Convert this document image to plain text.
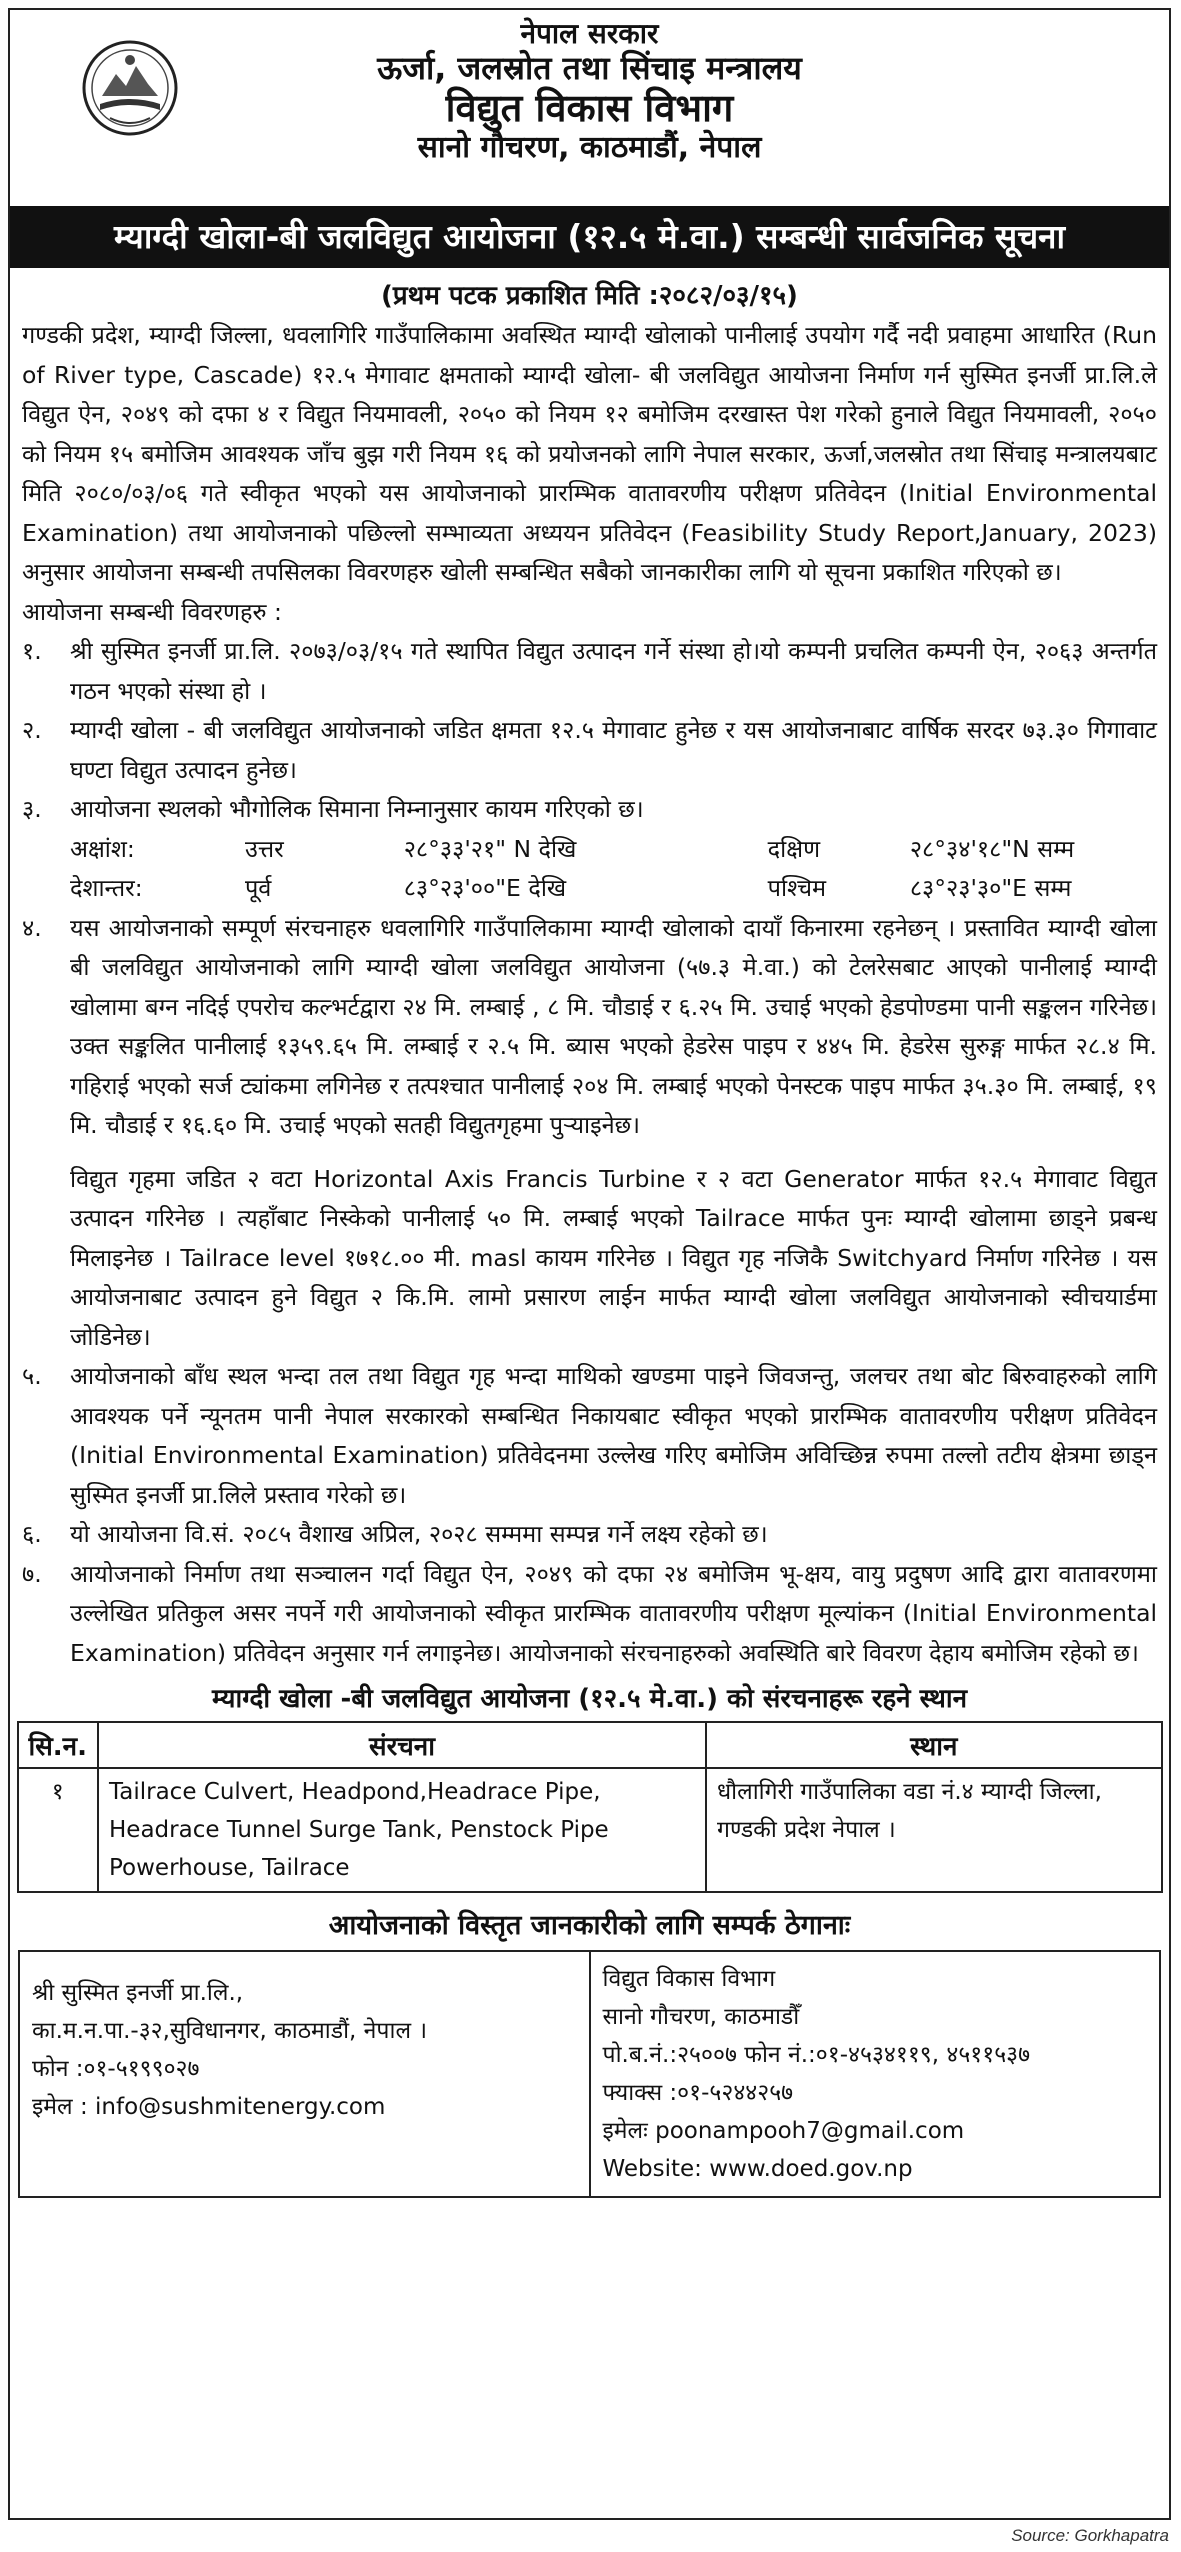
नेपाल सरकार

ऊर्जा, जलस्रोत तथा सिंचाइ मन्त्रालय

विद्युत विकास विभाग

सानो गौचरण, काठमाडौं, नेपाल

म्याग्दी खोला-बी जलविद्युत आयोजना (१२.५ मे.वा.) सम्बन्धी सार्वजनिक सूचना
(प्रथम पटक प्रकाशित मिति :२०८२/०३/१५)

गण्डकी प्रदेश, म्याग्दी जिल्ला, धवलागिरि गाउँपालिकामा अवस्थित म्याग्दी खोलाको पानीलाई उपयोग गर्दै नदी प्रवाहमा आधारित (Run of River type, Cascade) १२.५ मेगावाट क्षमताको म्याग्दी खोला- बी जलविद्युत आयोजना निर्माण गर्न सुस्मित इनर्जी प्रा.लि.ले विद्युत ऐन, २०४९ को दफा ४ र विद्युत नियमावली, २०५० को नियम १२ बमोजिम दरखास्त पेश गरेको हुनाले विद्युत नियमावली, २०५० को नियम १५ बमोजिम आवश्यक जाँच बुझ गरी नियम १६ को प्रयोजनको लागि नेपाल सरकार, ऊर्जा,जलस्रोत तथा सिंचाइ मन्त्रालयबाट मिति २०८०/०३/०६ गते स्वीकृत भएको यस आयोजनाको प्रारम्भिक वातावरणीय परीक्षण प्रतिवेदन (Initial Environmental Examination) तथा आयोजनाको पछिल्लो सम्भाव्यता अध्ययन प्रतिवेदन (Feasibility Study Report,January, 2023) अनुसार आयोजना सम्बन्धी तपसिलका विवरणहरु खोली सम्बन्धित सबैको जानकारीका लागि यो सूचना प्रकाशित गरिएको छ।

आयोजना सम्बन्धी विवरणहरु :

१. श्री सुस्मित इनर्जी प्रा.लि. २०७३/०३/१५ गते स्थापित विद्युत उत्पादन गर्ने संस्था हो।यो कम्पनी प्रचलित कम्पनी ऐन, २०६३ अन्तर्गत गठन भएको संस्था हो ।

२. म्याग्दी खोला - बी जलविद्युत आयोजनाको जडित क्षमता १२.५ मेगावाट हुनेछ र यस आयोजनाबाट वार्षिक सरदर ७३.३० गिगावाट घण्टा विद्युत उत्पादन हुनेछ।

३. आयोजना स्थलको भौगोलिक सिमाना निम्नानुसार कायम गरिएको छ।

अक्षांश:	उत्तर	२८°३३'२१" N देखि	दक्षिण	२८°३४'१८"N सम्म
देशान्तर:	पूर्व	८३°२३'००"E देखि	पश्चिम	८३°२३'३०"E सम्म
४. यस आयोजनाको सम्पूर्ण संरचनाहरु धवलागिरि गाउँपालिकामा म्याग्दी खोलाको दायाँ किनारमा रहनेछन् । प्रस्तावित म्याग्दी खोला बी जलविद्युत आयोजनाको लागि म्याग्दी खोला जलविद्युत आयोजना (५७.३ मे.वा.) को टेलरेसबाट आएको पानीलाई म्याग्दी खोलामा बग्न नदिई एपरोच कल्भर्टद्वारा २४ मि. लम्बाई , ८ मि. चौडाई र ६.२५ मि. उचाई भएको हेडपोण्डमा पानी सङ्कलन गरिनेछ। उक्त सङ्कलित पानीलाई १३५९.६५ मि. लम्बाई र २.५ मि. ब्यास भएको हेडरेस पाइप र ४४५ मि. हेडरेस सुरुङ्ग मार्फत २८.४ मि. गहिराई भएको सर्ज ट्यांकमा लगिनेछ र तत्पश्चात पानीलाई २०४ मि. लम्बाई भएको पेनस्टक पाइप मार्फत ३५.३० मि. लम्बाई, १९ मि. चौडाई र १६.६० मि. उचाई भएको सतही विद्युतगृहमा पुऱ्याइनेछ।

विद्युत गृहमा जडित २ वटा Horizontal Axis Francis Turbine र २ वटा Generator मार्फत १२.५ मेगावाट विद्युत उत्पादन गरिनेछ । त्यहाँबाट निस्केको पानीलाई ५० मि. लम्बाई भएको Tailrace मार्फत पुनः म्याग्दी खोलामा छाड्ने प्रबन्ध मिलाइनेछ । Tailrace level १७१८.०० मी. masl कायम गरिनेछ । विद्युत गृह नजिकै Switchyard निर्माण गरिनेछ । यस आयोजनाबाट उत्पादन हुने विद्युत २ कि.मि. लामो प्रसारण लाईन मार्फत म्याग्दी खोला जलविद्युत आयोजनाको स्वीचयार्डमा जोडिनेछ।

५. आयोजनाको बाँध स्थल भन्दा तल तथा विद्युत गृह भन्दा माथिको खण्डमा पाइने जिवजन्तु, जलचर तथा बोट बिरुवाहरुको लागि आवश्यक पर्ने न्यूनतम पानी नेपाल सरकारको सम्बन्धित निकायबाट स्वीकृत भएको प्रारम्भिक वातावरणीय परीक्षण प्रतिवेदन (Initial Environmental Examination) प्रतिवेदनमा उल्लेख गरिए बमोजिम अविच्छिन्न रुपमा तल्लो तटीय क्षेत्रमा छाड्न सुस्मित इनर्जी प्रा.लिले प्रस्ताव गरेको छ।

६. यो आयोजना वि.सं. २०८५ वैशाख अप्रिल, २०२८ सम्ममा सम्पन्न गर्ने लक्ष्य रहेको छ।

७. आयोजनाको निर्माण तथा सञ्चालन गर्दा विद्युत ऐन, २०४९ को दफा २४ बमोजिम भू-क्षय, वायु प्रदुषण आदि द्वारा वातावरणमा उल्लेखित प्रतिकुल असर नपर्ने गरी आयोजनाको स्वीकृत प्रारम्भिक वातावरणीय परीक्षण मूल्यांकन (Initial Environmental Examination) प्रतिवेदन अनुसार गर्न लगाइनेछ। आयोजनाको संरचनाहरुको अवस्थिति बारे विवरण देहाय बमोजिम रहेको छ।

म्याग्दी खोला -बी जलविद्युत आयोजना (१२.५ मे.वा.) को संरचनाहरू रहने स्थान
सि.न.	संरचना	स्थान
१	Tailrace Culvert, Headpond,Headrace Pipe, Headrace Tunnel Surge Tank, Penstock Pipe Powerhouse, Tailrace	धौलागिरी गाउँपालिका वडा नं.४ म्याग्दी जिल्ला, गण्डकी प्रदेश नेपाल ।
आयोजनाको विस्तृत जानकारीको लागि सम्पर्क ठेगानाः

श्री सुस्मित इनर्जी प्रा.लि.,

का.म.न.पा.-३२,सुविधानगर, काठमाडौं, नेपाल ।

फोन :०१-५१९९०२७

इमेल : info@sushmitenergy.com

विद्युत विकास विभाग

सानो गौचरण, काठमाडौँ

पो.ब.नं.:२५००७ फोन नं.:०१-४५३४११९, ४५११५३७

फ्याक्स :०१-५२४४२५७

इमेलः poonampooh7@gmail.com

Website: www.doed.gov.np

Source: Gorkhapatra
